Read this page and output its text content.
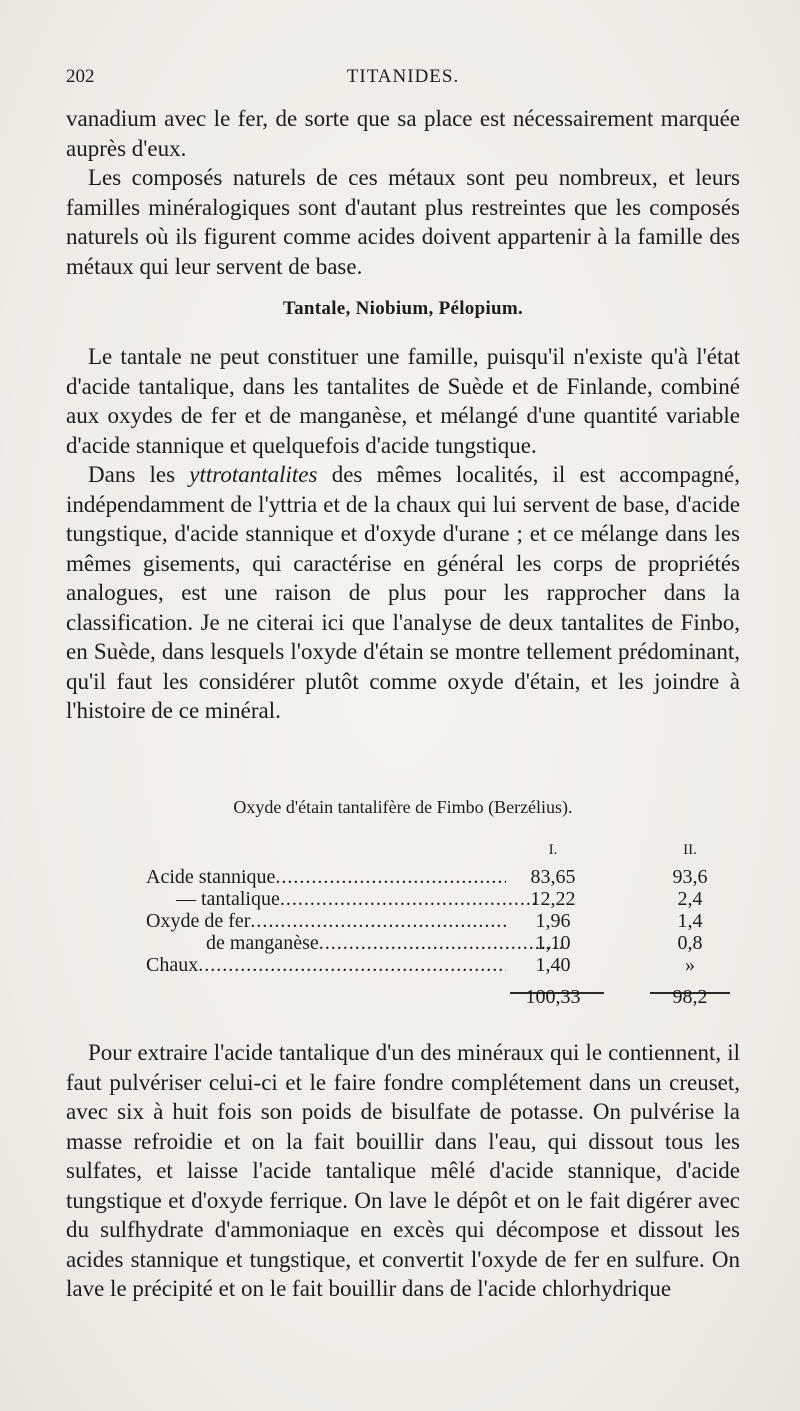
202	TITANIDES.

vanadium avec le fer, de sorte que sa place est nécessairement marquée auprès d'eux.

Les composés naturels de ces métaux sont peu nombreux, et leurs familles minéralogiques sont d'autant plus restreintes que les composés naturels où ils figurent comme acides doivent appartenir à la famille des métaux qui leur servent de base.

Tantale, Niobium, Pélopium.

Le tantale ne peut constituer une famille, puisqu'il n'existe qu'à l'état d'acide tantalique, dans les tantalites de Suède et de Finlande, combiné aux oxydes de fer et de manganèse, et mélangé d'une quantité variable d'acide stannique et quelquefois d'acide tungstique.

Dans les yttrotantalites des mêmes localités, il est accompagné, indépendamment de l'yttria et de la chaux qui lui servent de base, d'acide tungstique, d'acide stannique et d'oxyde d'urane ; et ce mélange dans les mêmes gisements, qui caractérise en général les corps de propriétés analogues, est une raison de plus pour les rapprocher dans la classification. Je ne citerai ici que l'analyse de deux tantalites de Finbo, en Suède, dans lesquels l'oxyde d'étain se montre tellement prédominant, qu'il faut les considérer plutôt comme oxyde d'étain, et les joindre à l'histoire de ce minéral.

Oxyde d'étain tantalifère de Fimbo (Berzélius).
I.	II.
Acide stannique .....	83,65	93,6
— tantalique .....	12,22	2,4
Oxyde de fer .....	1,96	1,4
de manganèse .....	1,10	0,8
Chaux .....	1,40	»
100,33	98,2

Pour extraire l'acide tantalique d'un des minéraux qui le contiennent, il faut pulvériser celui-ci et le faire fondre complétement dans un creuset, avec six à huit fois son poids de bisulfate de potasse. On pulvérise la masse refroidie et on la fait bouillir dans l'eau, qui dissout tous les sulfates, et laisse l'acide tantalique mêlé d'acide stannique, d'acide tungstique et d'oxyde ferrique. On lave le dépôt et on le fait digérer avec du sulfhydrate d'ammoniaque en excès qui décompose et dissout les acides stannique et tungstique, et convertit l'oxyde de fer en sulfure. On lave le précipité et on le fait bouillir dans de l'acide chlorhydrique
